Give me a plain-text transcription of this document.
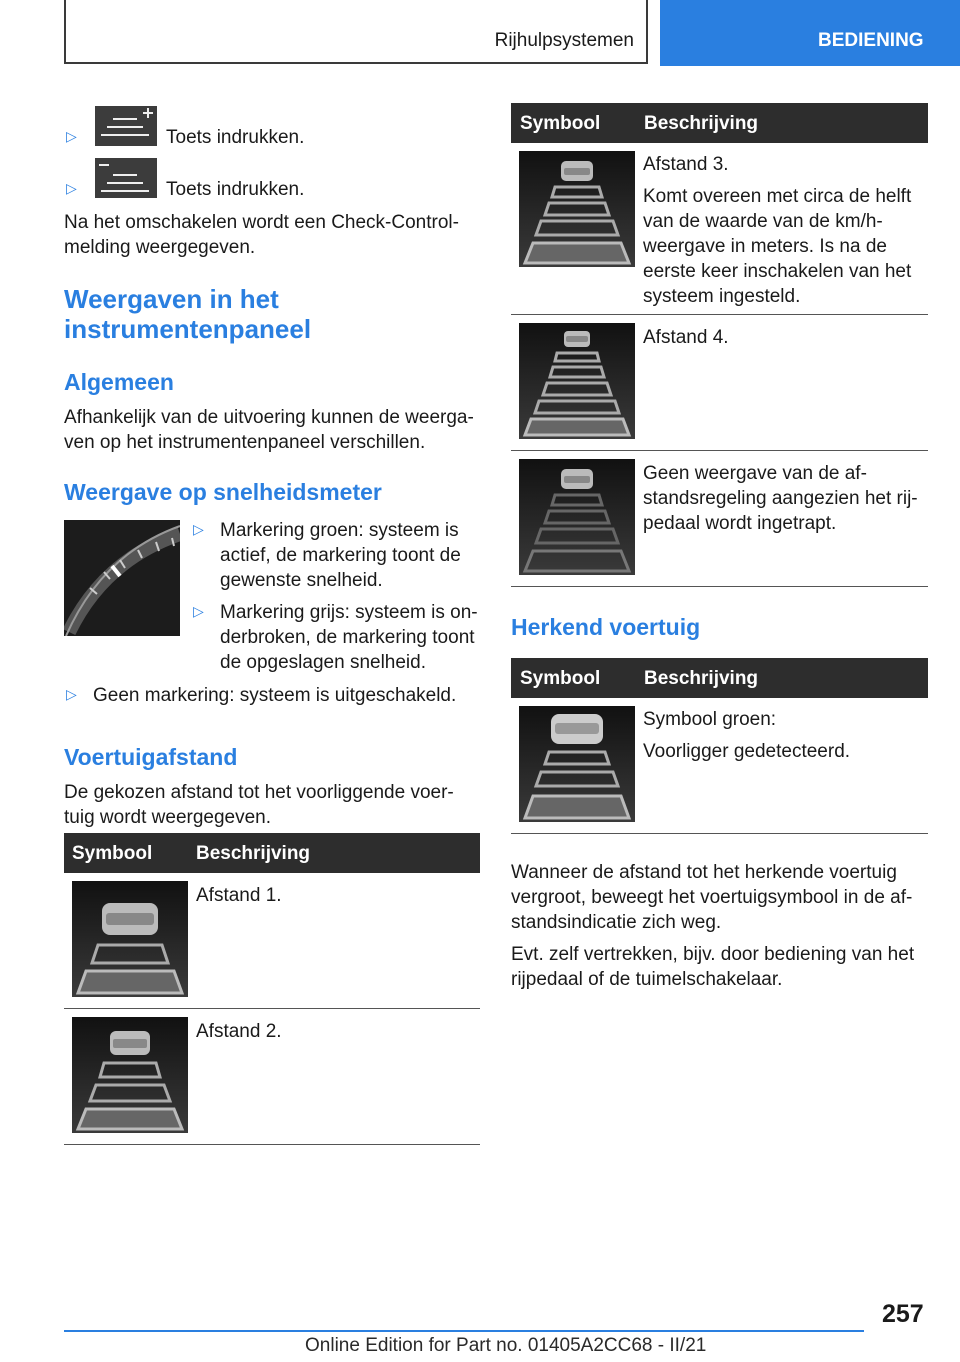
Rijhulpsystemen	BEDIENING
▷	Toets indrukken.
▷	Toets indrukken.
Na het omschakelen wordt een Check-Control-
melding weergegeven.
Weergaven in het
instrumentenpaneel
Algemeen
Afhankelijk van de uitvoering kunnen de weerga-
ven op het instrumentenpaneel verschillen.
Weergave op snelheidsmeter
▷ Markering groen: systeem is
actief, de markering toont de
gewenste snelheid.
▷ Markering grijs: systeem is on-
derbroken, de markering toont
de opgeslagen snelheid.
▷ Geen markering: systeem is uitgeschakeld.
Voertuigafstand
De gekozen afstand tot het voorliggende voer-
tuig wordt weergegeven.
Symbool Beschrijving
Afstand 1.
Afstand 2.
Symbool Beschrijving
Afstand 3.
Komt overeen met circa de helft
van de waarde van de km/h-
weergave in meters. Is na de
eerste keer inschakelen van het
systeem ingesteld.
Afstand 4.
Geen weergave van de af-
standsregeling aangezien het rij-
pedaal wordt ingetrapt.
Herkend voertuig
Symbool Beschrijving
Symbool groen:
Voorligger gedetecteerd.
Wanneer de afstand tot het herkende voertuig
vergroot, beweegt het voertuigsymbool in de af-
standsindicatie zich weg.
Evt. zelf vertrekken, bijv. door bediening van het
rijpedaal of de tuimelschakelaar.
257
Online Edition for Part no. 01405A2CC68 - II/21
